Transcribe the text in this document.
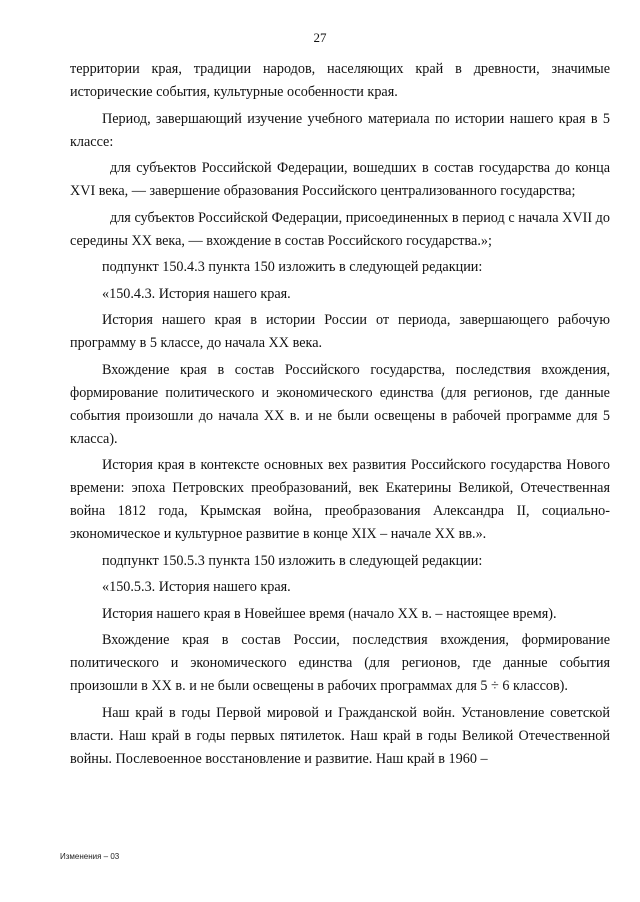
27

территории края, традиции народов, населяющих край в древности, значимые исторические события, культурные особенности края.

Период, завершающий изучение учебного материала по истории нашего края в 5 классе:

для субъектов Российской Федерации, вошедших в состав государства до конца XVI века, — завершение образования Российского централизованного государства;

для субъектов Российской Федерации, присоединенных в период с начала XVII до середины XX века, — вхождение в состав Российского государства.»;

подпункт 150.4.3 пункта 150 изложить в следующей редакции:

«150.4.3. История нашего края.

История нашего края в истории России от периода, завершающего рабочую программу в 5 классе, до начала XX века.

Вхождение края в состав Российского государства, последствия вхождения, формирование политического и экономического единства (для регионов, где данные события произошли до начала XX в. и не были освещены в рабочей программе для 5 класса).

История края в контексте основных вех развития Российского государства Нового времени: эпоха Петровских преобразований, век Екатерины Великой, Отечественная война 1812 года, Крымская война, преобразования Александра II, социально-экономическое и культурное развитие в конце XIX – начале XX вв.».

подпункт 150.5.3 пункта 150 изложить в следующей редакции:

«150.5.3. История нашего края.

История нашего края в Новейшее время (начало XX в. – настоящее время).

Вхождение края в состав России, последствия вхождения, формирование политического и экономического единства (для регионов, где данные события произошли в XX в. и не были освещены в рабочих программах для 5 ÷ 6 классов).

Наш край в годы Первой мировой и Гражданской войн. Установление советской власти. Наш край в годы первых пятилеток. Наш край в годы Великой Отечественной войны. Послевоенное восстановление и развитие. Наш край в 1960 –

Изменения – 03
